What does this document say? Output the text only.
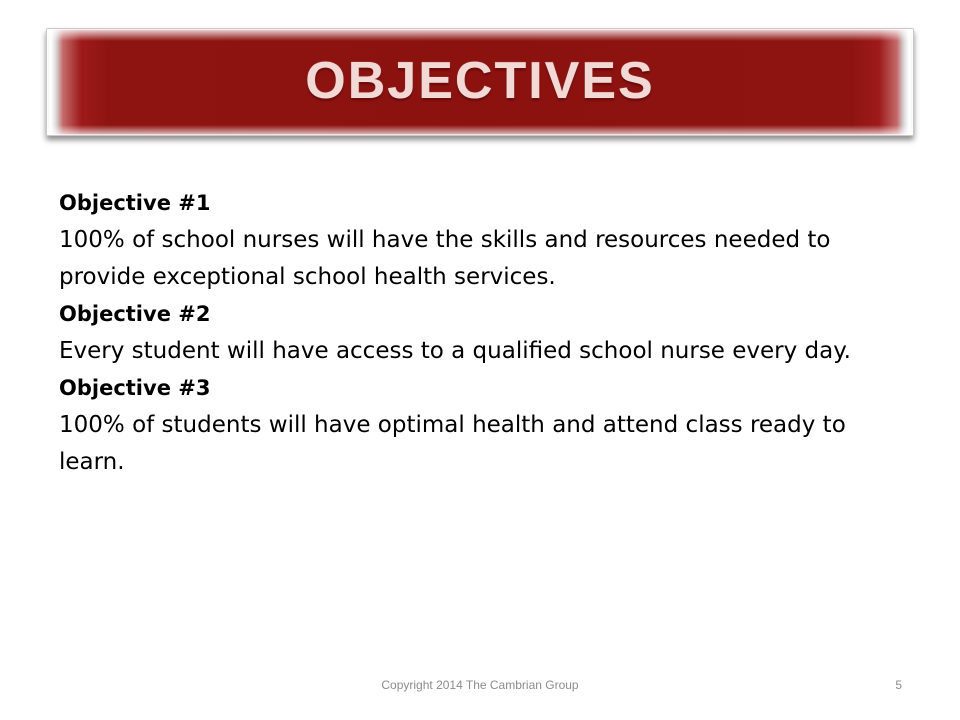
OBJECTIVES
Objective #1
100% of school nurses will have the skills and resources needed to provide exceptional school health services.
Objective #2
Every student will have access to a qualified school nurse every day.
Objective #3
100% of students will have optimal health and attend class ready to learn.
Copyright 2014 The Cambrian Group	5
